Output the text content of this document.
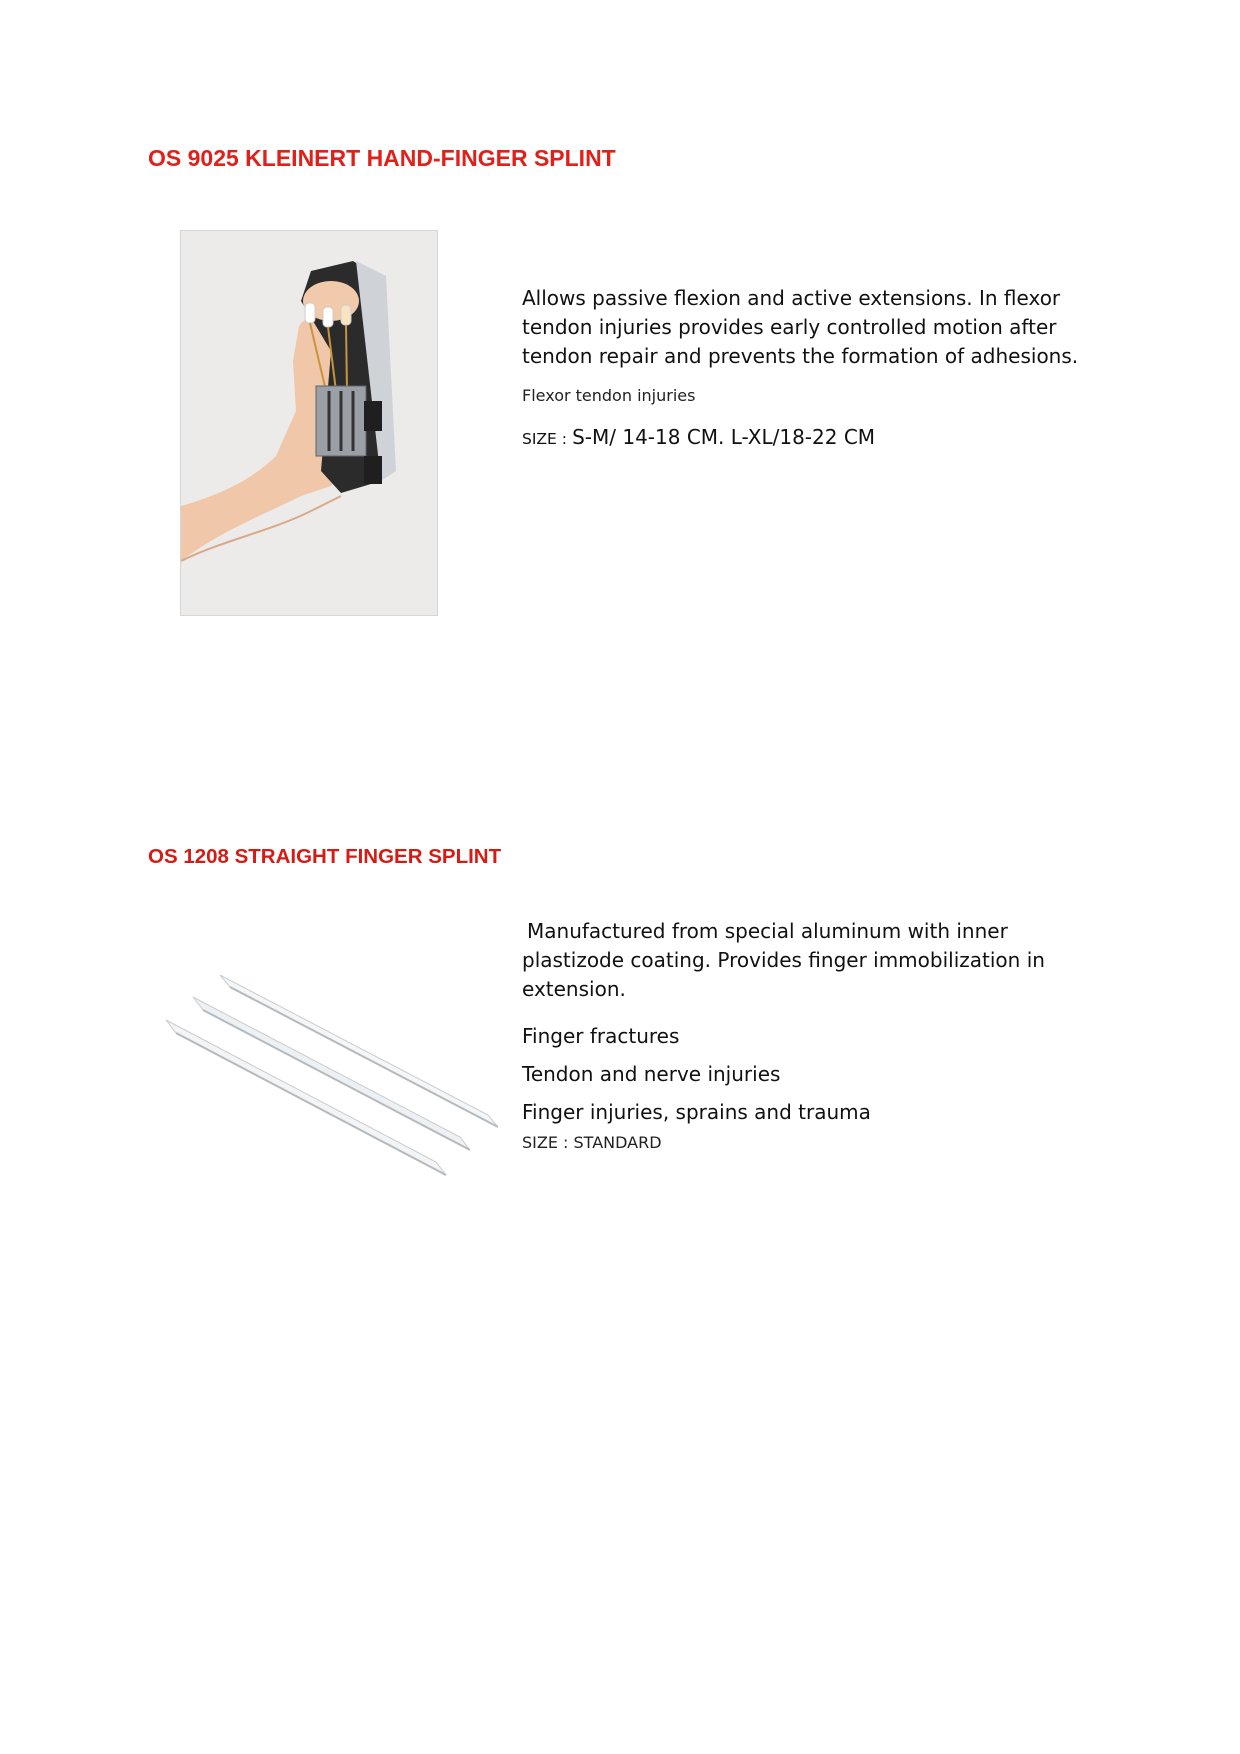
OS 9025 KLEINERT HAND-FINGER SPLINT

Allows passive flexion and active extensions. In flexor tendon injuries provides early controlled motion after tendon repair and prevents the formation of adhesions.

Flexor tendon injuries

SIZE : S-M/ 14-18 CM. L-XL/18-22 CM

OS 1208 STRAIGHT FINGER SPLINT

Manufactured from special aluminum with inner plastizode coating. Provides finger immobilization in extension.

Finger fractures

Tendon and nerve injuries

Finger injuries, sprains and trauma

SIZE : STANDARD
